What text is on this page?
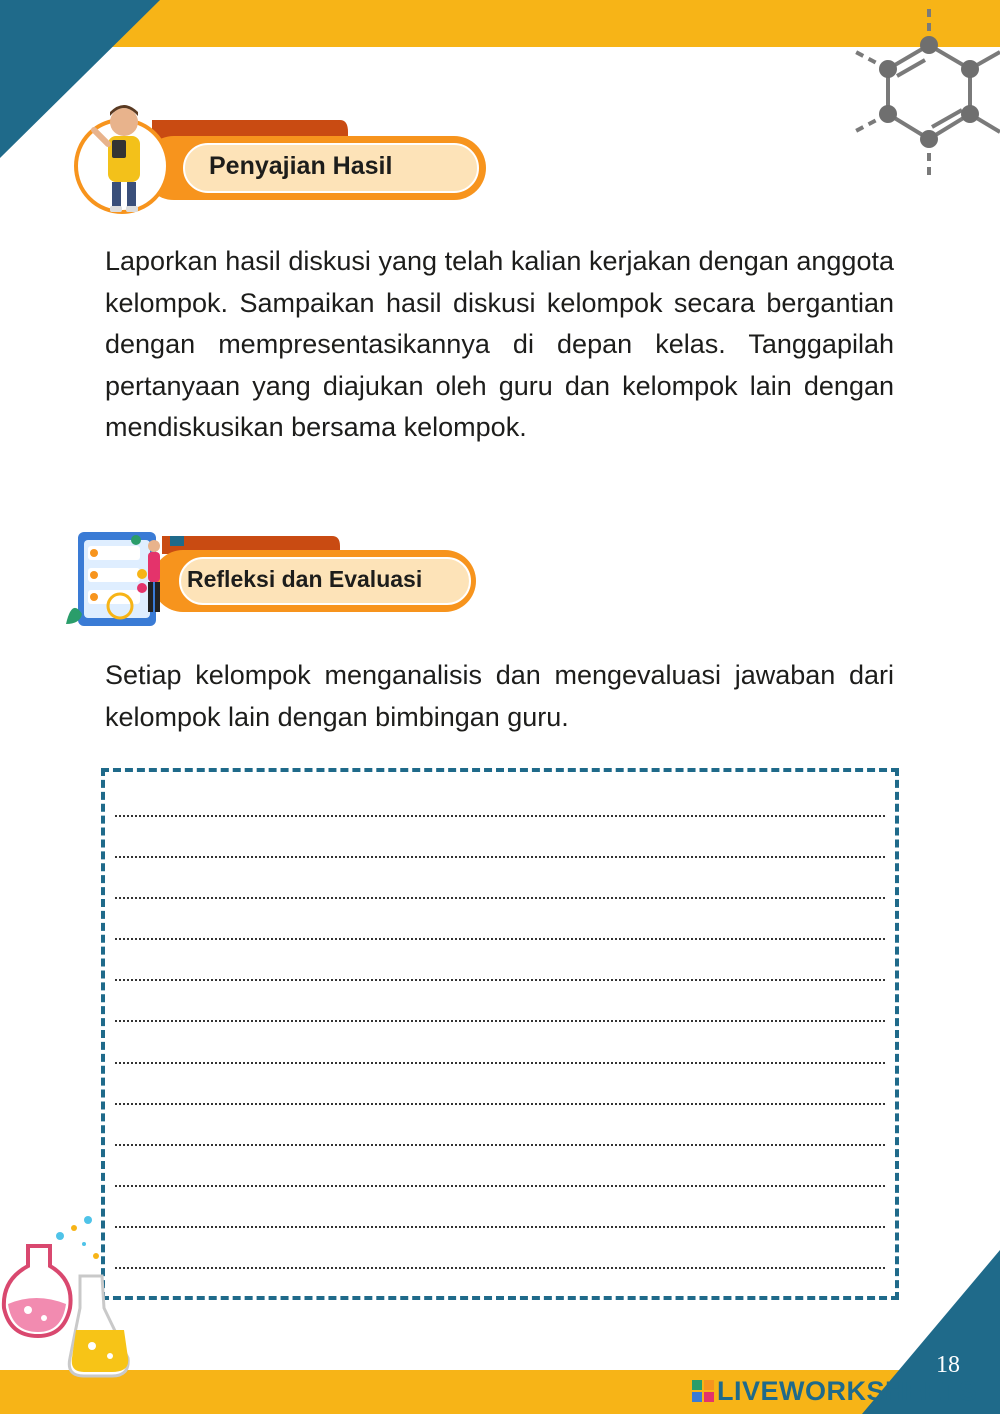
Penyajian Hasil

Laporkan hasil diskusi yang telah kalian kerjakan dengan anggota kelompok. Sampaikan hasil diskusi kelompok secara bergantian dengan mempresentasikannya di depan kelas. Tanggapilah pertanyaan yang diajukan oleh guru dan kelompok lain dengan mendiskusikan bersama kelompok.

Refleksi dan Evaluasi

Setiap kelompok menganalisis dan mengevaluasi jawaban dari kelompok lain dengan bimbingan guru.

18
LIVEWORKSHEETS
